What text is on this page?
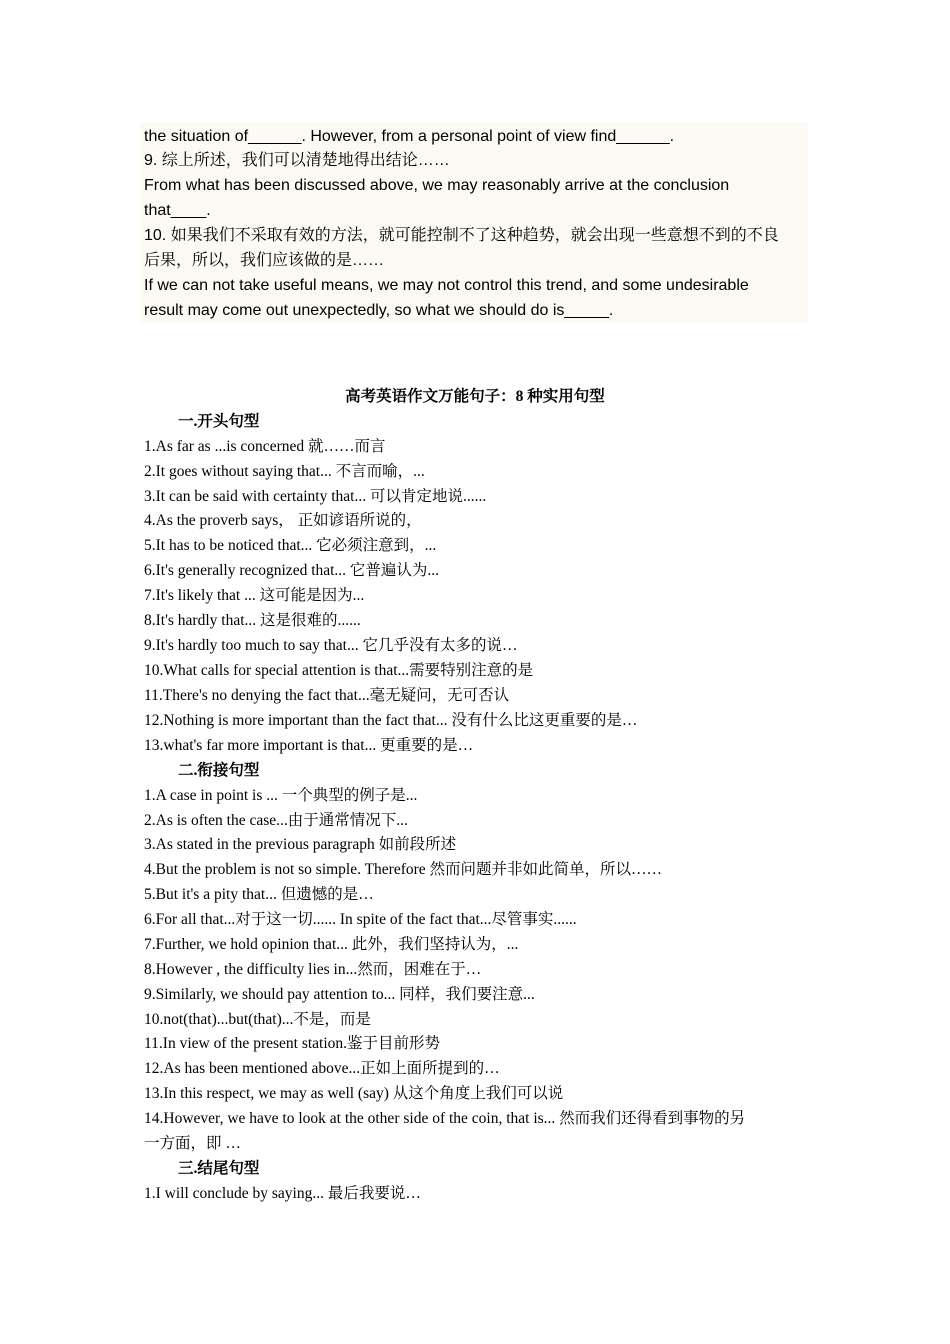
the situation of______. However, from a personal point of view find______.
9. 综上所述，我们可以清楚地得出结论……
From what has been discussed above, we may reasonably arrive at the conclusion
that____.
10. 如果我们不采取有效的方法，就可能控制不了这种趋势，就会出现一些意想不到的不良
后果，所以，我们应该做的是……
If we can not take useful means, we may not control this trend, and some undesirable
result may come out unexpectedly, so what we should do is_____.
高考英语作文万能句子：8 种实用句型
一.开头句型
1.As far as ...is concerned 就……而言
2.It goes without saying that... 不言而喻，...
3.It can be said with certainty that... 可以肯定地说......
4.As the proverb says， 正如谚语所说的，
5.It has to be noticed that... 它必须注意到，...
6.It's generally recognized that... 它普遍认为...
7.It's likely that ... 这可能是因为...
8.It's hardly that... 这是很难的......
9.It's hardly too much to say that... 它几乎没有太多的说…
10.What calls for special attention is that...需要特别注意的是
11.There's no denying the fact that...毫无疑问，无可否认
12.Nothing is more important than the fact that... 没有什么比这更重要的是…
13.what's far more important is that... 更重要的是…
二.衔接句型
1.A case in point is ... 一个典型的例子是...
2.As is often the case...由于通常情况下...
3.As stated in the previous paragraph 如前段所述
4.But the problem is not so simple. Therefore 然而问题并非如此简单，所以……
5.But it's a pity that... 但遗憾的是…
6.For all that...对于这一切...... In spite of the fact that...尽管事实......
7.Further, we hold opinion that... 此外，我们坚持认为，...
8.However , the difficulty lies in...然而，困难在于…
9.Similarly, we should pay attention to... 同样，我们要注意...
10.not(that)...but(that)...不是，而是
11.In view of the present station.鉴于目前形势
12.As has been mentioned above...正如上面所提到的…
13.In this respect, we may as well (say) 从这个角度上我们可以说
14.However, we have to look at the other side of the coin, that is... 然而我们还得看到事物的另
一方面，即 …
三.结尾句型
1.I will conclude by saying... 最后我要说…
